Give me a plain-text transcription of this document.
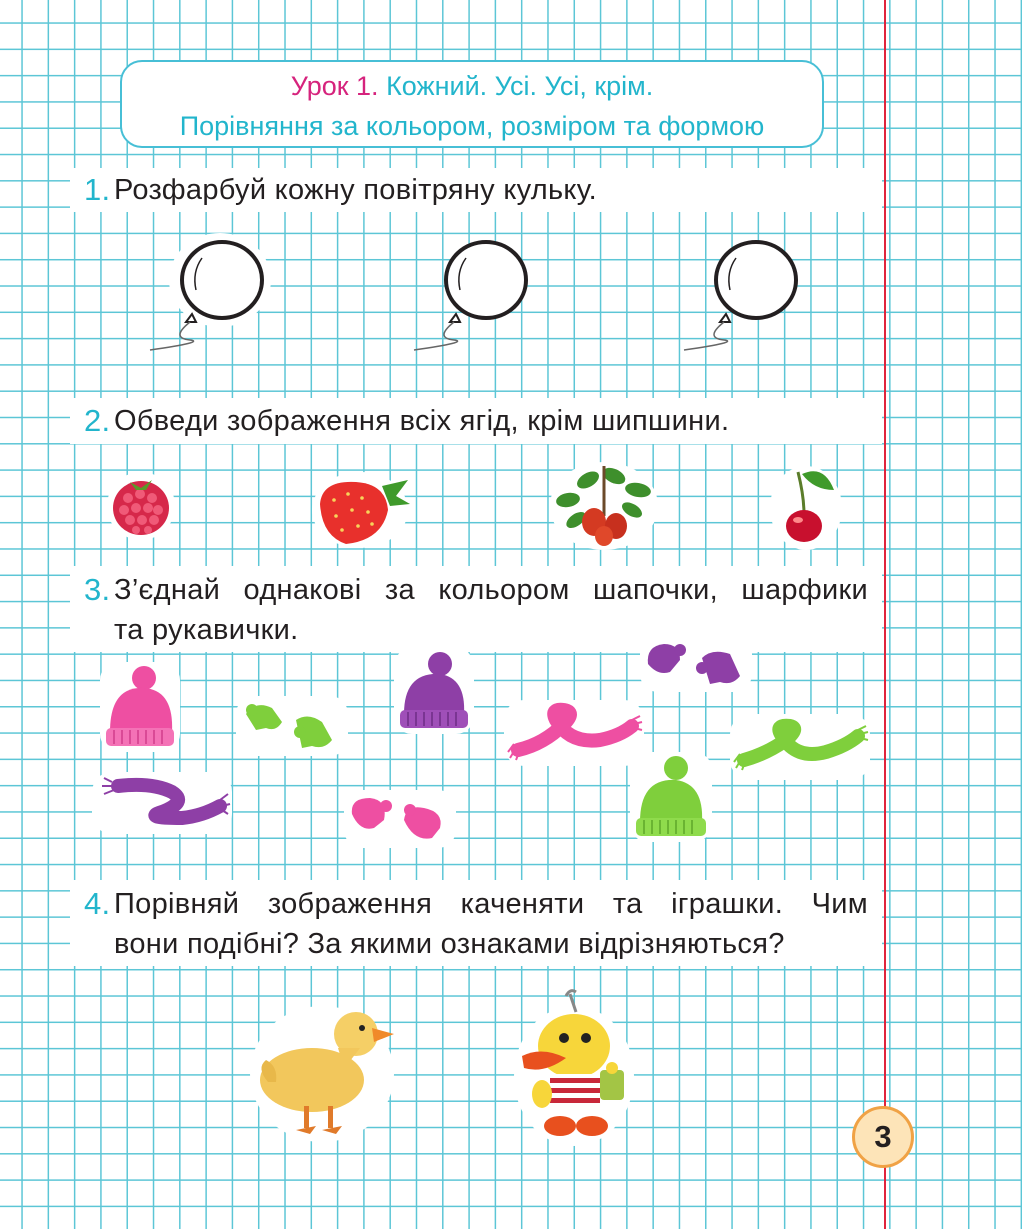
Урок 1. Кожний. Усі. Усі, крім.
Порівняння за кольором, розміром та формою
1. Розфарбуй кожну повітряну кульку.
2. Обведи зображення всіх ягід, крім шипшини.
3. З’єднай однакові за кольором шапочки, шарфики
та рукавички.
4. Порівняй зображення каченяти та іграшки. Чим
вони подібні? За якими ознаками відрізняються?
3
